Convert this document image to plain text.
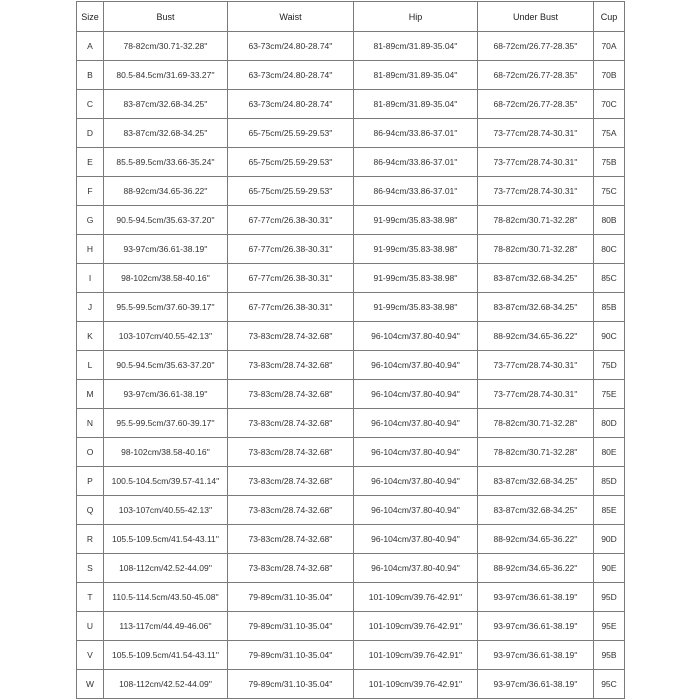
Size	Bust	Waist	Hip	Under Bust	Cup
A	78-82cm/30.71-32.28''	63-73cm/24.80-28.74''	81-89cm/31.89-35.04''	68-72cm/26.77-28.35''	70A
B	80.5-84.5cm/31.69-33.27''	63-73cm/24.80-28.74''	81-89cm/31.89-35.04''	68-72cm/26.77-28.35''	70B
C	83-87cm/32.68-34.25''	63-73cm/24.80-28.74''	81-89cm/31.89-35.04''	68-72cm/26.77-28.35''	70C
D	83-87cm/32.68-34.25''	65-75cm/25.59-29.53''	86-94cm/33.86-37.01''	73-77cm/28.74-30.31''	75A
E	85.5-89.5cm/33.66-35.24''	65-75cm/25.59-29.53''	86-94cm/33.86-37.01''	73-77cm/28.74-30.31''	75B
F	88-92cm/34.65-36.22''	65-75cm/25.59-29.53''	86-94cm/33.86-37.01''	73-77cm/28.74-30.31''	75C
G	90.5-94.5cm/35.63-37.20''	67-77cm/26.38-30.31''	91-99cm/35.83-38.98''	78-82cm/30.71-32.28''	80B
H	93-97cm/36.61-38.19''	67-77cm/26.38-30.31''	91-99cm/35.83-38.98''	78-82cm/30.71-32.28''	80C
I	98-102cm/38.58-40.16''	67-77cm/26.38-30.31''	91-99cm/35.83-38.98''	83-87cm/32.68-34.25''	85C
J	95.5-99.5cm/37.60-39.17''	67-77cm/26.38-30.31''	91-99cm/35.83-38.98''	83-87cm/32.68-34.25''	85B
K	103-107cm/40.55-42.13''	73-83cm/28.74-32.68''	96-104cm/37.80-40.94''	88-92cm/34.65-36.22''	90C
L	90.5-94.5cm/35.63-37.20''	73-83cm/28.74-32.68''	96-104cm/37.80-40.94''	73-77cm/28.74-30.31''	75D
M	93-97cm/36.61-38.19''	73-83cm/28.74-32.68''	96-104cm/37.80-40.94''	73-77cm/28.74-30.31''	75E
N	95.5-99.5cm/37.60-39.17''	73-83cm/28.74-32.68''	96-104cm/37.80-40.94''	78-82cm/30.71-32.28''	80D
O	98-102cm/38.58-40.16''	73-83cm/28.74-32.68''	96-104cm/37.80-40.94''	78-82cm/30.71-32.28''	80E
P	100.5-104.5cm/39.57-41.14''	73-83cm/28.74-32.68''	96-104cm/37.80-40.94''	83-87cm/32.68-34.25''	85D
Q	103-107cm/40.55-42.13''	73-83cm/28.74-32.68''	96-104cm/37.80-40.94''	83-87cm/32.68-34.25''	85E
R	105.5-109.5cm/41.54-43.11''	73-83cm/28.74-32.68''	96-104cm/37.80-40.94''	88-92cm/34.65-36.22''	90D
S	108-112cm/42.52-44.09''	73-83cm/28.74-32.68''	96-104cm/37.80-40.94''	88-92cm/34.65-36.22''	90E
T	110.5-114.5cm/43.50-45.08''	79-89cm/31.10-35.04''	101-109cm/39.76-42.91''	93-97cm/36.61-38.19''	95D
U	113-117cm/44.49-46.06''	79-89cm/31.10-35.04''	101-109cm/39.76-42.91''	93-97cm/36.61-38.19''	95E
V	105.5-109.5cm/41.54-43.11''	79-89cm/31.10-35.04''	101-109cm/39.76-42.91''	93-97cm/36.61-38.19''	95B
W	108-112cm/42.52-44.09''	79-89cm/31.10-35.04''	101-109cm/39.76-42.91''	93-97cm/36.61-38.19''	95C
